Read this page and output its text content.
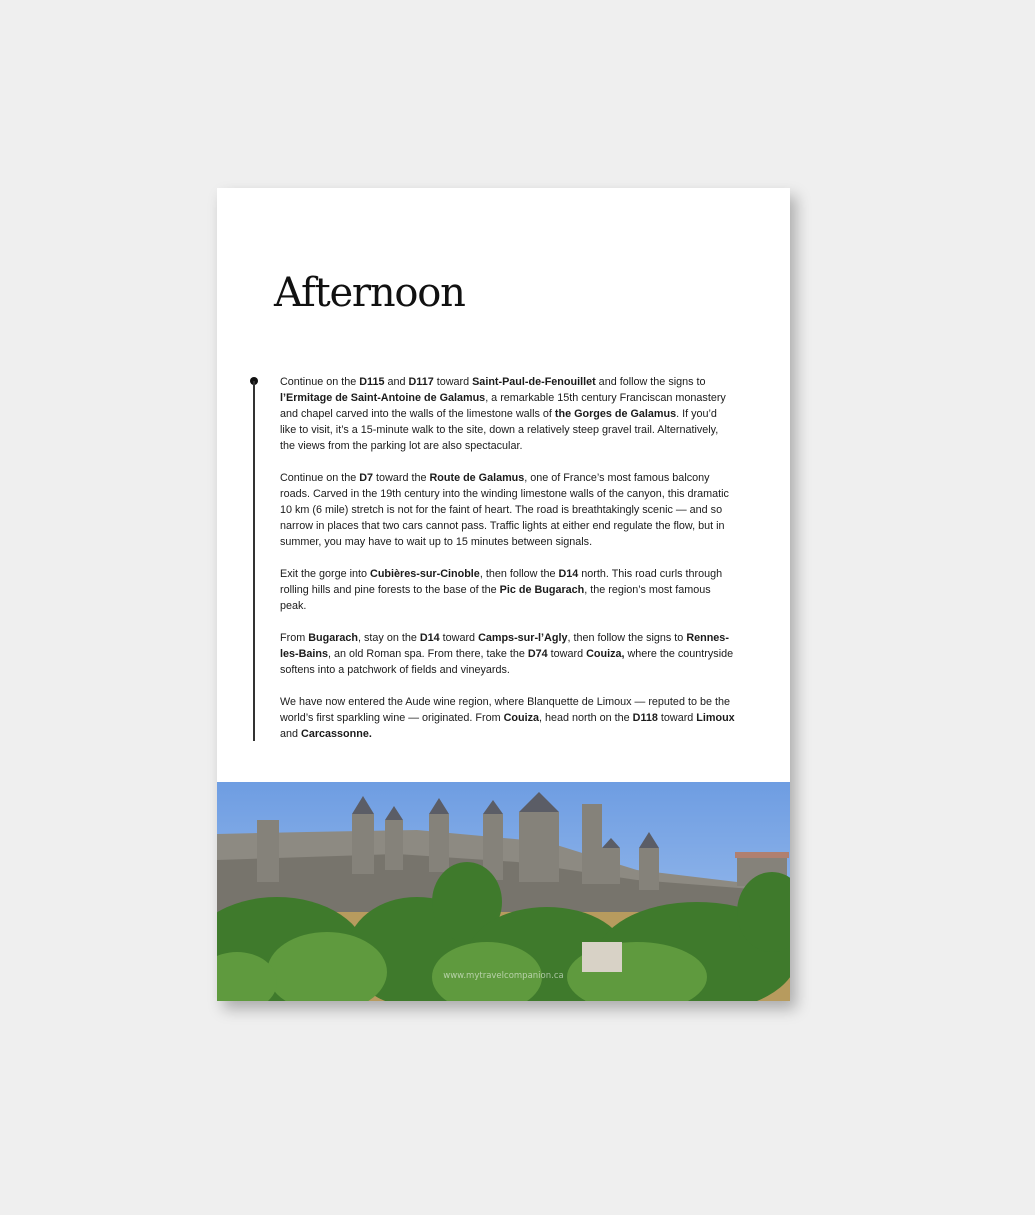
Afternoon

Continue on the D115 and D117 toward Saint-Paul-de-Fenouillet and follow the signs to l’Ermitage de Saint-Antoine de Galamus, a remarkable 15th century Franciscan monastery and chapel carved into the walls of the limestone walls of the Gorges de Galamus. If you’d like to visit, it’s a 15-minute walk to the site, down a relatively steep gravel trail. Alternatively, the views from the parking lot are also spectacular.

Continue on the D7 toward the Route de Galamus, one of France’s most famous balcony roads. Carved in the 19th century into the winding limestone walls of the canyon, this dramatic 10 km (6 mile) stretch is not for the faint of heart. The road is breathtakingly scenic — and so narrow in places that two cars cannot pass. Traffic lights at either end regulate the flow, but in summer, you may have to wait up to 15 minutes between signals.

Exit the gorge into Cubières-sur-Cinoble, then follow the D14 north. This road curls through rolling hills and pine forests to the base of the Pic de Bugarach, the region’s most famous peak.

From Bugarach, stay on the D14 toward Camps-sur-l’Agly, then follow the signs to Rennes-les-Bains, an old Roman spa. From there, take the D74 toward Couiza, where the countryside softens into a patchwork of fields and vineyards.

We have now entered the Aude wine region, where Blanquette de Limoux — reputed to be the world’s first sparkling wine — originated. From Couiza, head north on the D118 toward Limoux and Carcassonne.

www.mytravelcompanion.ca
